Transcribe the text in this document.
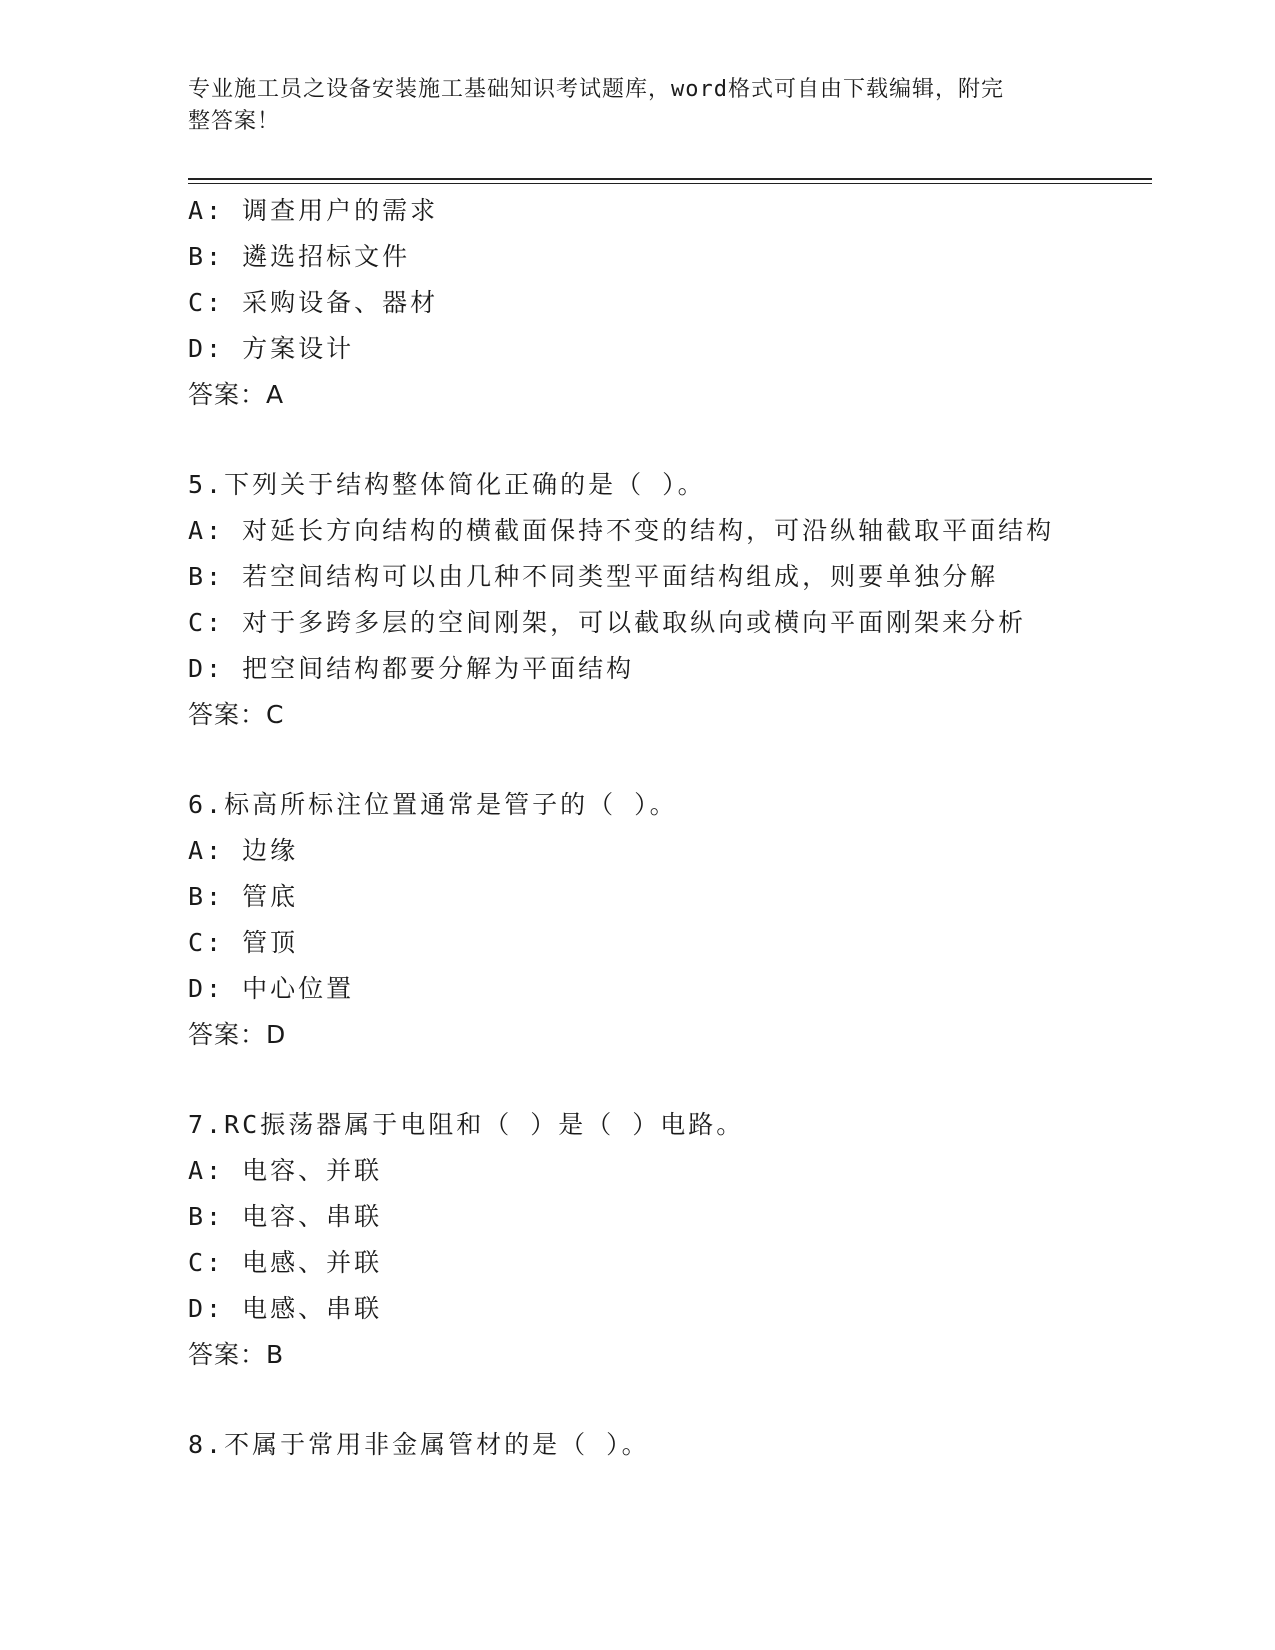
专业施工员之设备安装施工基础知识考试题库，word格式可自由下载编辑，附完
整答案！
A: 调查用户的需求
B: 遴选招标文件
C: 采购设备、器材
D: 方案设计
答案：A
5.下列关于结构整体简化正确的是（ ）。
A: 对延长方向结构的横截面保持不变的结构，可沿纵轴截取平面结构
B: 若空间结构可以由几种不同类型平面结构组成，则要单独分解
C: 对于多跨多层的空间刚架，可以截取纵向或横向平面刚架来分析
D: 把空间结构都要分解为平面结构
答案：C
6.标高所标注位置通常是管子的（ ）。
A: 边缘
B: 管底
C: 管顶
D: 中心位置
答案：D
7.RC振荡器属于电阻和（ ）是（ ）电路。
A: 电容、并联
B: 电容、串联
C: 电感、并联
D: 电感、串联
答案：B
8.不属于常用非金属管材的是（ ）。
